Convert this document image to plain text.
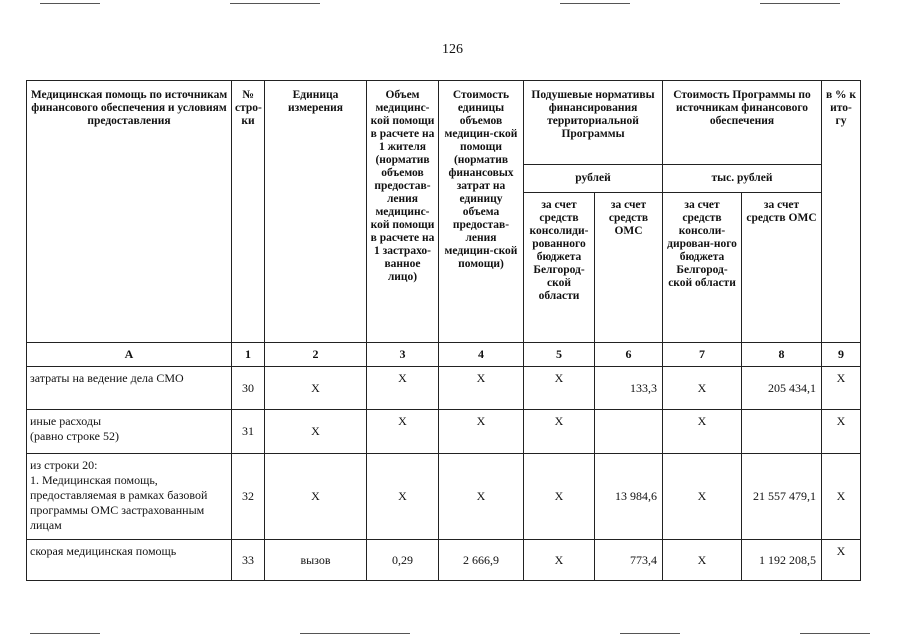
126
Медицинская помощь по источникам финансового обеспечения и условиям предоставления	№ стро-ки	Единица измерения	Объем медицинс-кой помощи в расчете на 1 жителя (норматив объемов предостав-ления медицинс-кой помощи в расчете на 1 застрахо-ванное лицо)	Стоимость единицы объемов медицин-ской помощи (норматив финансовых затрат на единицу объема предостав-ления медицин-ской помощи)	Подушевые нормативы финансирования территориальной Программы		Стоимость Программы по источникам финансового обеспечения		в % к ито-гу
					рублей		тыс. рублей		
					за счет средств консолиди-рованного бюджета Белгород-ской области	за счет средств ОМС	за счет средств консоли-дирован-ного бюджета Белгород-ской области	за счет средств ОМС	
А	1	2	3	4	5	6	7	8	9
затраты на ведение дела СМО	30	Х	Х	Х	Х	133,3	Х	205 434,1	Х
иные расходы
(равно строке 52)	31	Х	Х	Х	Х		Х		Х
из строки 20:
1. Медицинская помощь, предоставляемая в рамках базовой программы ОМС застрахованным лицам	32	Х	Х	Х	Х	13 984,6	Х	21 557 479,1	Х
скорая медицинская помощь	33	вызов	0,29	2 666,9	Х	773,4	Х	1 192 208,5	Х
